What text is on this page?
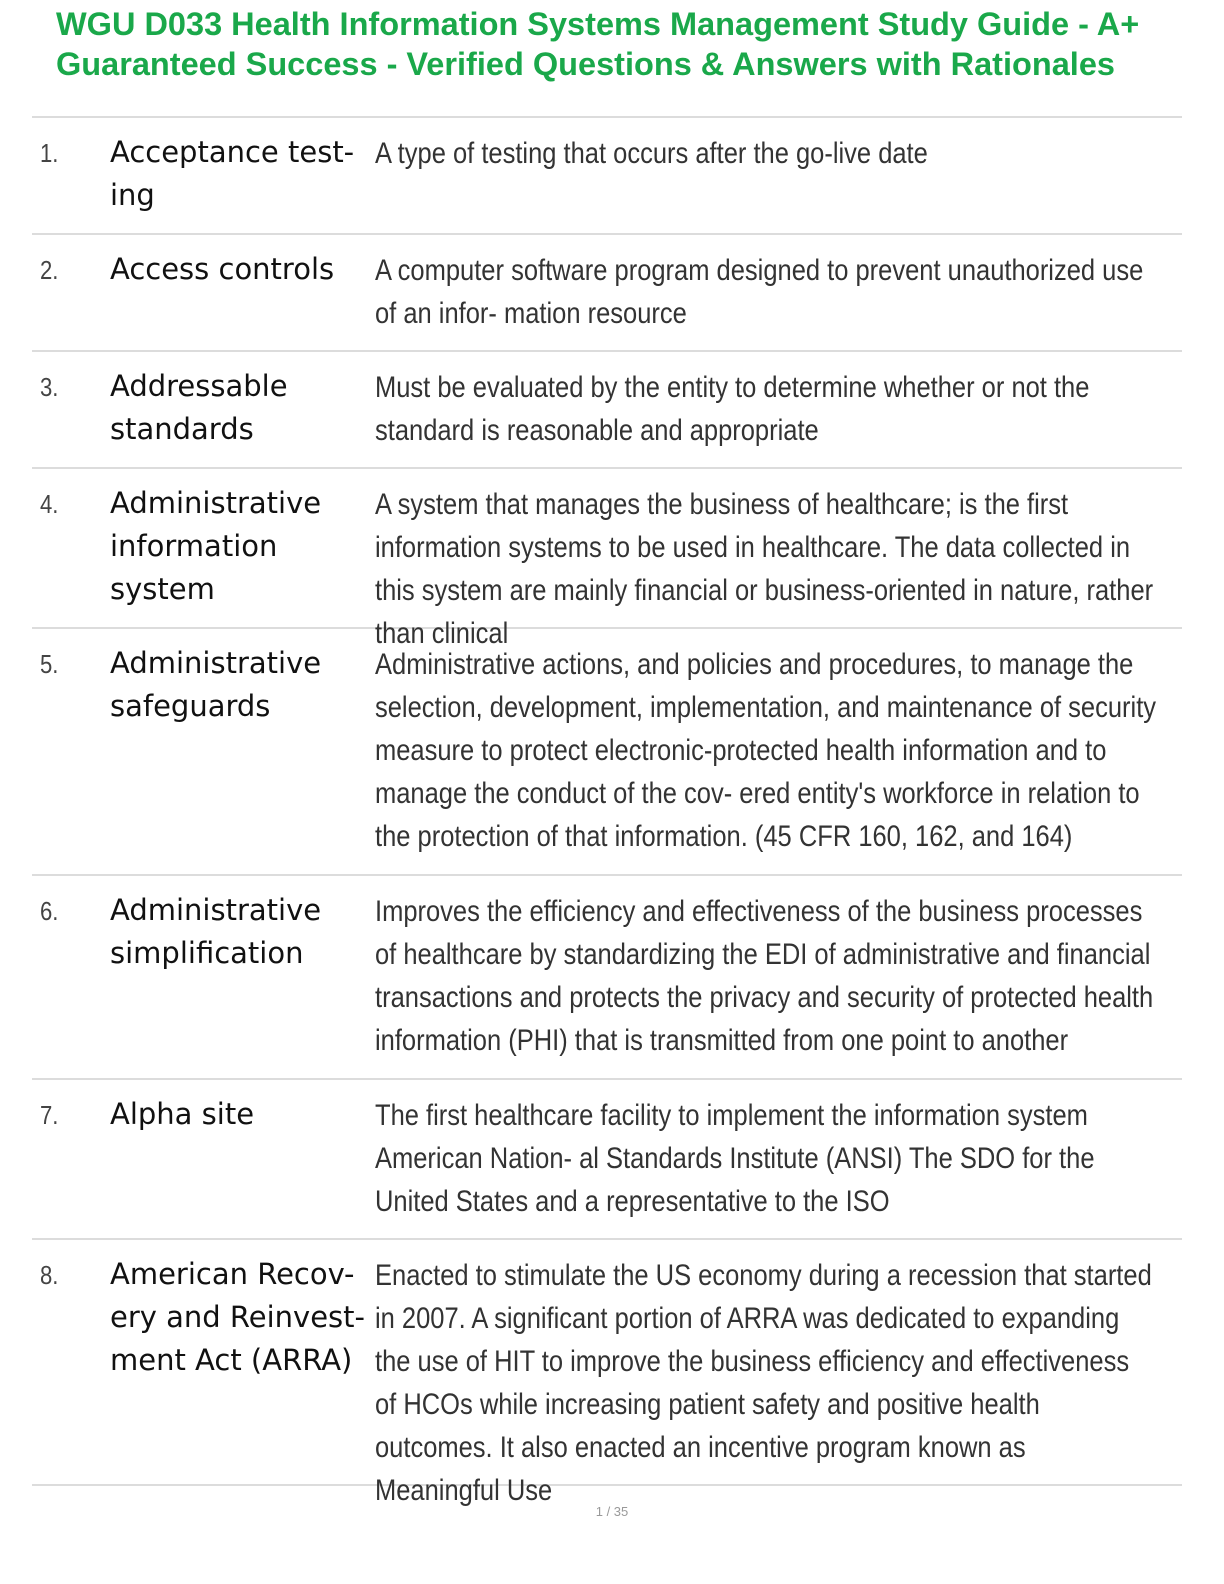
WGU D033 Health Information Systems Management Study Guide - A+ Guaranteed Success - Verified Questions & Answers with Rationales
1. Acceptance test- ing
A type of testing that occurs after the go-live date
2. Access controls	A computer software program designed to prevent unauthorized use of an infor- mation resource
3. Addressable standards
Must be evaluated by the entity to determine whether or not the standard is reasonable and appropriate
4. Administrative information system
A system that manages the business of healthcare; is the first information systems to be used in healthcare. The data collected in this system are mainly financial or business-oriented in nature, rather than clinical
5. Administrative safeguards
Administrative actions, and policies and procedures, to manage the selection, development, implementation, and maintenance of security measure to protect electronic-protected health information and to manage the conduct of the cov- ered entity's workforce in relation to the protection of that information. (45 CFR 160, 162, and 164)
6. Administrative simplification
Improves the efficiency and effectiveness of the business processes of healthcare by standardizing the EDI of administrative and financial transactions and protects the privacy and security of protected health information (PHI) that is transmitted from one point to another
7. Alpha site	The first healthcare facility to implement the information system American Nation- al Standards Institute (ANSI) The SDO for the United States and a representative to the ISO
8. American Recov- ery and Reinvest- ment Act (ARRA)
Enacted to stimulate the US economy during a recession that started in 2007. A significant portion of ARRA was dedicated to expanding the use of HIT to improve the business efficiency and effectiveness of HCOs while increasing patient safety and positive health outcomes. It also enacted an incentive program known as Meaningful Use
1 / 35
